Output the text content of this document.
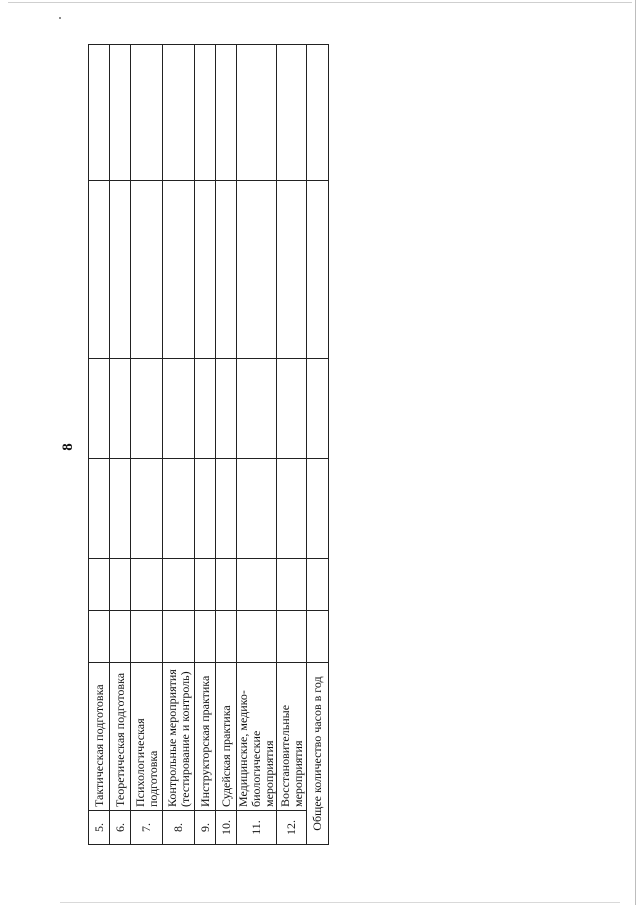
8
5.	Тактическая подготовка						
6.	Теоретическая подготовка						
7.	Психологическая подготовка						
8.	Контрольные мероприятия (тестирование и контроль)						
9.	Инструкторская практика						
10.	Судейская практика						
11.	Медицинские, медико-биологические мероприятия						
12.	Восстановительные мероприятия						
Общее количество часов в год							
